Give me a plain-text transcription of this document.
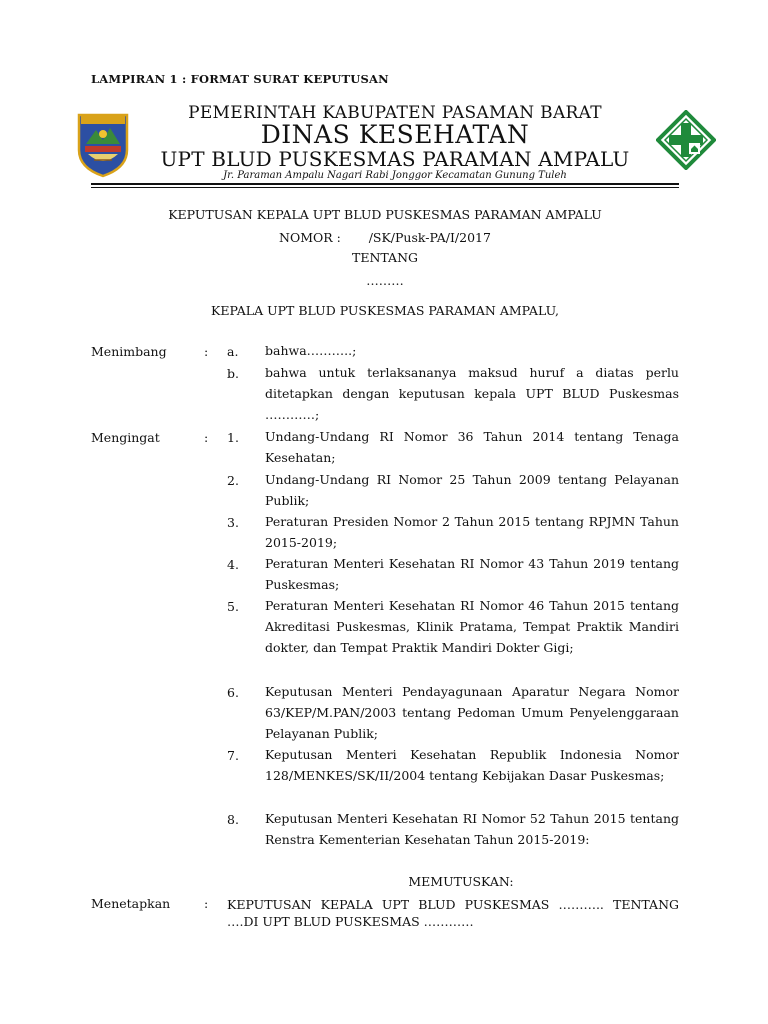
LAMPIRAN 1 : FORMAT SURAT KEPUTUSAN
PEMERINTAH KABUPATEN PASAMAN BARAT
DINAS KESEHATAN
UPT BLUD PUSKESMAS PARAMAN AMPALU
Jr. Paraman Ampalu Nagari Rabi Jonggor Kecamatan Gunung Tuleh
KEPUTUSAN KEPALA UPT BLUD PUSKESMAS PARAMAN AMPALU
NOMOR :       /SK/Pusk-PA/I/2017
TENTANG
………
KEPALA UPT BLUD PUSKESMAS PARAMAN AMPALU,
Menimbang	: a. bahwa………..;
b. bahwa untuk terlaksananya maksud huruf a diatas perlu ditetapkan dengan keputusan kepala UPT BLUD Puskesmas …………;
Mengingat	: 1. Undang-Undang RI Nomor 36 Tahun 2014 tentang Tenaga Kesehatan;
2. Undang-Undang RI Nomor 25 Tahun 2009 tentang Pelayanan Publik;
3. Peraturan Presiden Nomor 2 Tahun 2015 tentang RPJMN Tahun 2015-2019;
4. Peraturan Menteri Kesehatan RI Nomor 43 Tahun 2019 tentang Puskesmas;
5. Peraturan Menteri Kesehatan RI Nomor 46 Tahun 2015 tentang Akreditasi Puskesmas, Klinik Pratama, Tempat Praktik Mandiri dokter, dan Tempat Praktik Mandiri Dokter Gigi;
6. Keputusan Menteri Pendayagunaan Aparatur Negara Nomor 63/KEP/M.PAN/2003 tentang Pedoman Umum Penyelenggaraan Pelayanan Publik;
7. Keputusan Menteri Kesehatan Republik Indonesia Nomor 128/MENKES/SK/II/2004 tentang Kebijakan Dasar Puskesmas;
8. Keputusan Menteri Kesehatan RI Nomor 52 Tahun 2015 tentang Renstra Kementerian Kesehatan Tahun 2015-2019:
MEMUTUSKAN:
Menetapkan	: KEPUTUSAN KEPALA UPT BLUD PUSKESMAS ……….. TENTANG ….DI UPT BLUD PUSKESMAS …………
